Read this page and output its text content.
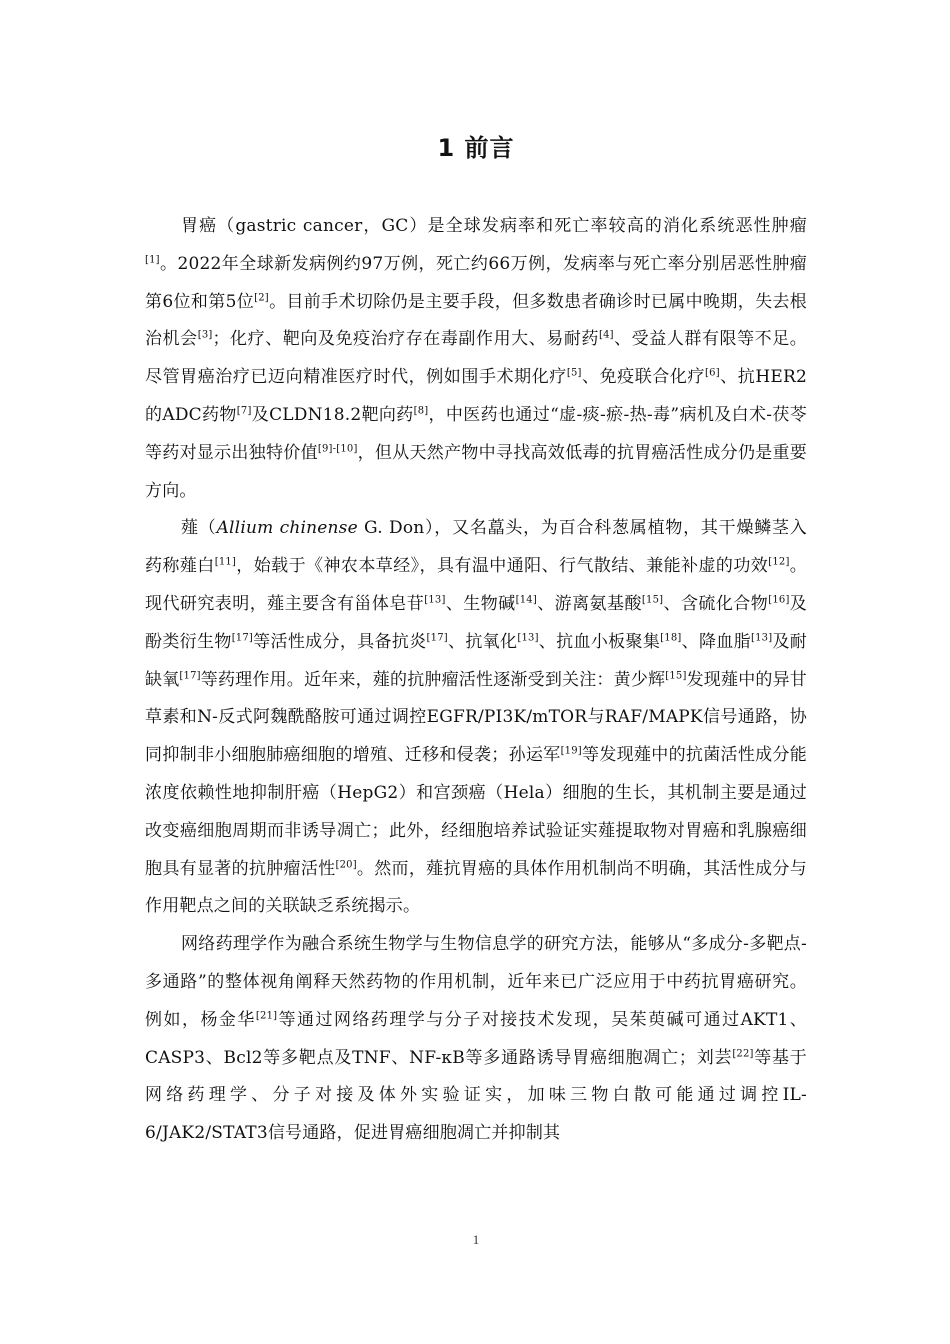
1 前言

胃癌（gastric cancer，GC）是全球发病率和死亡率较高的消化系统恶性肿瘤[1]。2022年全球新发病例约97万例，死亡约66万例，发病率与死亡率分别居恶性肿瘤第6位和第5位[2]。目前手术切除仍是主要手段，但多数患者确诊时已属中晚期，失去根治机会[3]；化疗、靶向及免疫治疗存在毒副作用大、易耐药[4]、受益人群有限等不足。尽管胃癌治疗已迈向精准医疗时代，例如围手术期化疗[5]、免疫联合化疗[6]、抗HER2的ADC药物[7]及CLDN18.2靶向药[8]，中医药也通过“虚-痰-瘀-热-毒”病机及白术-茯苓等药对显示出独特价值[9]-[10]，但从天然产物中寻找高效低毒的抗胃癌活性成分仍是重要方向。

薤（Allium chinense G. Don），又名藠头，为百合科葱属植物，其干燥鳞茎入药称薤白[11]，始载于《神农本草经》，具有温中通阳、行气散结、兼能补虚的功效[12]。现代研究表明，薤主要含有甾体皂苷[13]、生物碱[14]、游离氨基酸[15]、含硫化合物[16]及酚类衍生物[17]等活性成分，具备抗炎[17]、抗氧化[13]、抗血小板聚集[18]、降血脂[13]及耐缺氧[17]等药理作用。近年来，薤的抗肿瘤活性逐渐受到关注：黄少辉[15]发现薤中的异甘草素和N-反式阿魏酰酪胺可通过调控EGFR/PI3K/mTOR与RAF/MAPK信号通路，协同抑制非小细胞肺癌细胞的增殖、迁移和侵袭；孙运军[19]等发现薤中的抗菌活性成分能浓度依赖性地抑制肝癌（HepG2）和宫颈癌（Hela）细胞的生长，其机制主要是通过改变癌细胞周期而非诱导凋亡；此外，经细胞培养试验证实薤提取物对胃癌和乳腺癌细胞具有显著的抗肿瘤活性[20]。然而，薤抗胃癌的具体作用机制尚不明确，其活性成分与作用靶点之间的关联缺乏系统揭示。

网络药理学作为融合系统生物学与生物信息学的研究方法，能够从“多成分-多靶点-多通路”的整体视角阐释天然药物的作用机制，近年来已广泛应用于中药抗胃癌研究。例如，杨金华[21]等通过网络药理学与分子对接技术发现，吴茱萸碱可通过AKT1、CASP3、Bcl2等多靶点及TNF、NF-κB等多通路诱导胃癌细胞凋亡；刘芸[22]等基于网络药理学、分子对接及体外实验证实，加味三物白散可能通过调控IL-6/JAK2/STAT3信号通路，促进胃癌细胞凋亡并抑制其

1
